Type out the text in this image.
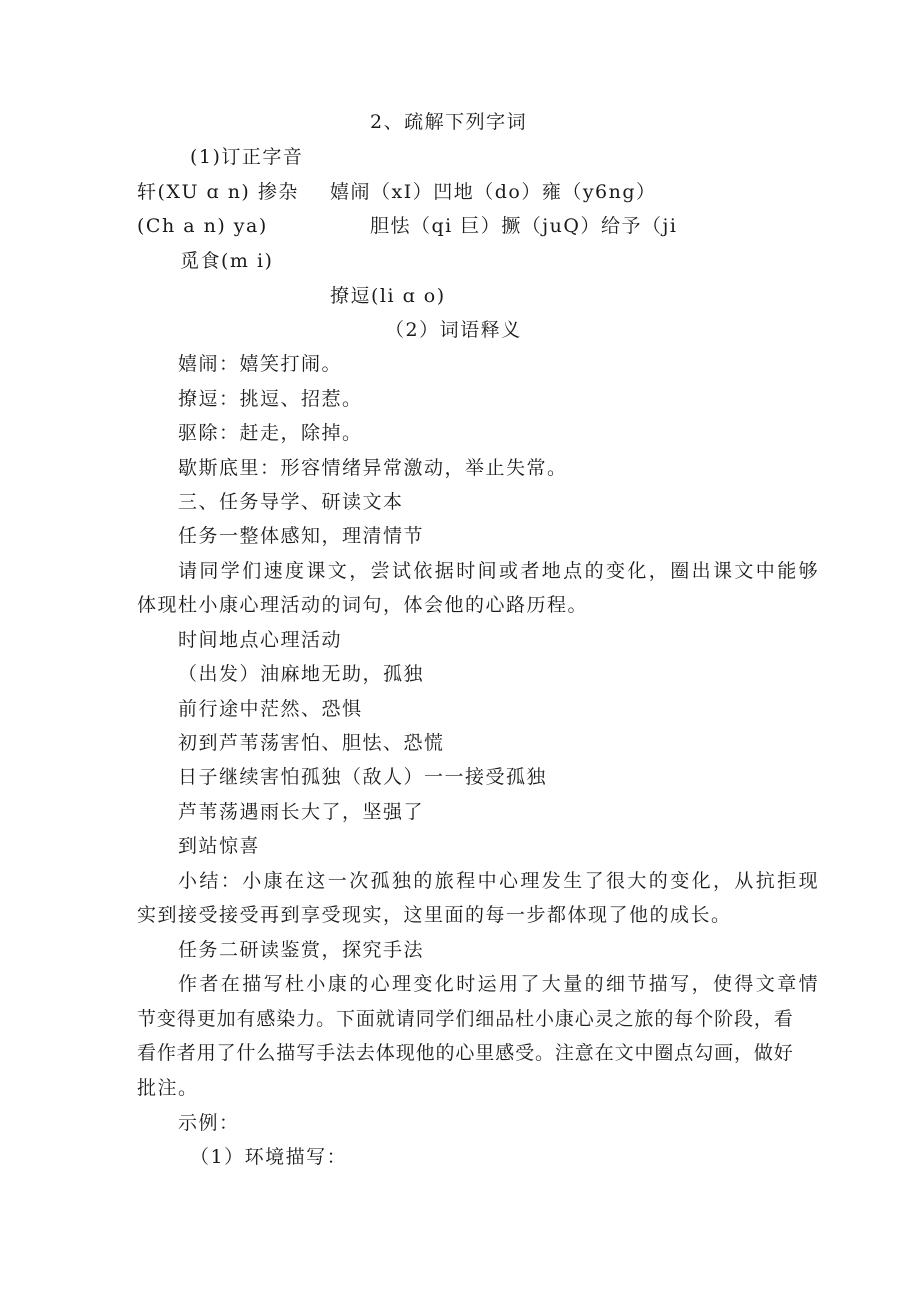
2、疏解下列字词
(1)订正字音
轩(XU ɑ n) 掺杂 嬉闹（xI）凹地（do）雍（y6ng）
(Ch a n) ya)	胆怯（qi 巨）撅（juQ）给予（ji
觅食(m i)
撩逗(li ɑ o)
（2）词语释义
嬉闹：嬉笑打闹。
撩逗：挑逗、招惹。
驱除：赶走，除掉。
歇斯底里：形容情绪异常激动，举止失常。
三、任务导学、研读文本
任务一整体感知，理清情节
请同学们速度课文，尝试依据时间或者地点的变化，圈出课文中能够
体现杜小康心理活动的词句，体会他的心路历程。
时间地点心理活动
（出发）油麻地无助，孤独
前行途中茫然、恐惧
初到芦苇荡害怕、胆怯、恐慌
日子继续害怕孤独（敌人）一一接受孤独
芦苇荡遇雨长大了，坚强了
到站惊喜
小结：小康在这一次孤独的旅程中心理发生了很大的变化，从抗拒现
实到接受接受再到享受现实，这里面的每一步都体现了他的成长。
任务二研读鉴赏，探究手法
作者在描写杜小康的心理变化时运用了大量的细节描写，使得文章情
节变得更加有感染力。下面就请同学们细品杜小康心灵之旅的每个阶段，看
看作者用了什么描写手法去体现他的心里感受。注意在文中圈点勾画，做好
批注。
示例：
（1）环境描写：
